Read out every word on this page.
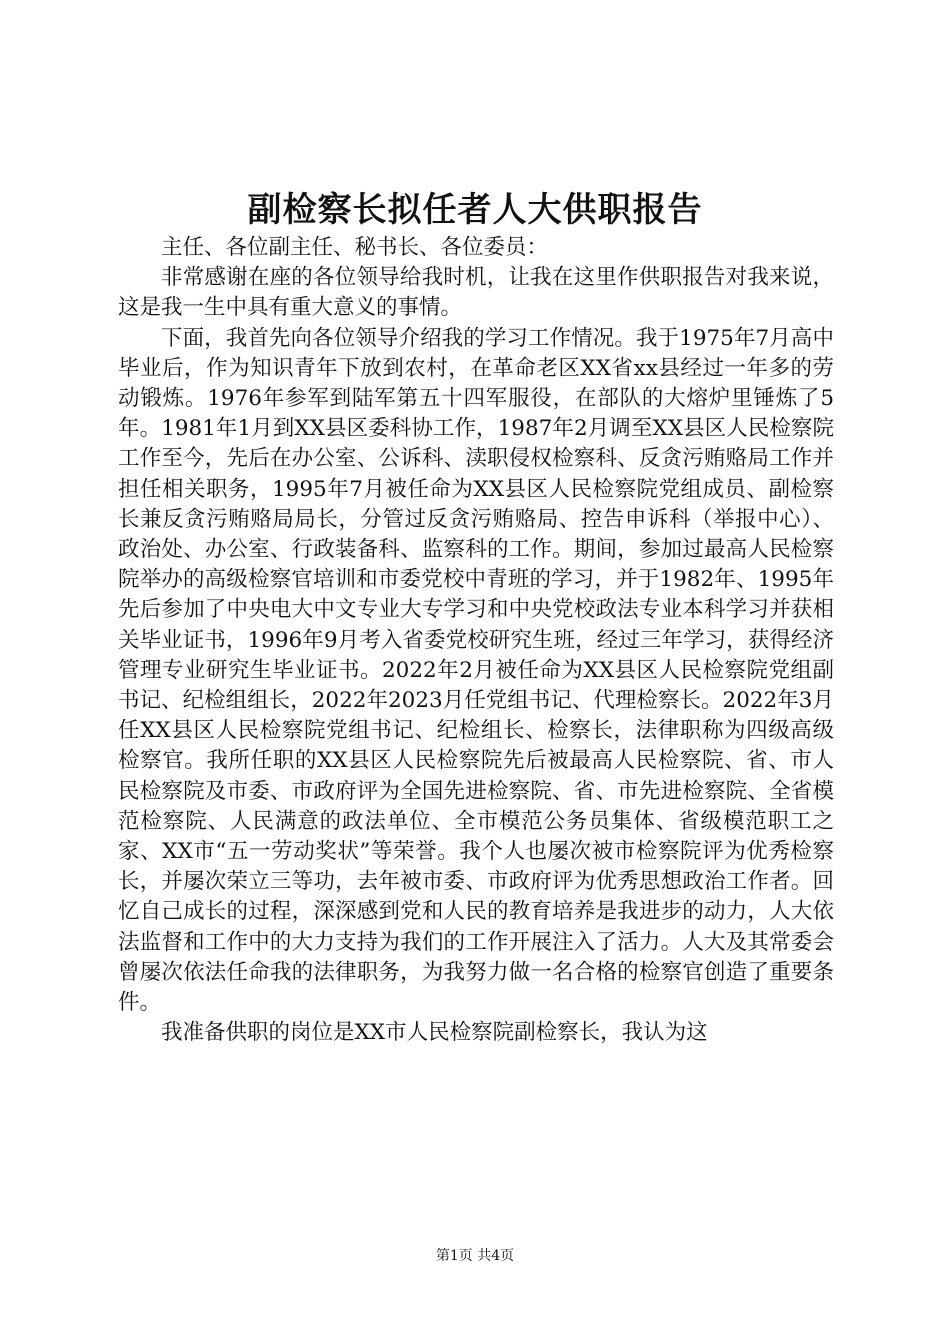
副检察长拟任者人大供职报告

主任、各位副主任、秘书长、各位委员：

非常感谢在座的各位领导给我时机，让我在这里作供职报告对我来说，这是我一生中具有重大意义的事情。

下面，我首先向各位领导介绍我的学习工作情况。我于1975年7月高中毕业后，作为知识青年下放到农村，在革命老区XX省xx县经过一年多的劳动锻炼。1976年参军到陆军第五十四军服役，在部队的大熔炉里锤炼了5年。1981年1月到XX县区委科协工作，1987年2月调至XX县区人民检察院工作至今，先后在办公室、公诉科、渎职侵权检察科、反贪污贿赂局工作并担任相关职务，1995年7月被任命为XX县区人民检察院党组成员、副检察长兼反贪污贿赂局局长，分管过反贪污贿赂局、控告申诉科（举报中心）、政治处、办公室、行政装备科、监察科的工作。期间，参加过最高人民检察院举办的高级检察官培训和市委党校中青班的学习，并于1982年、1995年先后参加了中央电大中文专业大专学习和中央党校政法专业本科学习并获相关毕业证书，1996年9月考入省委党校研究生班，经过三年学习，获得经济管理专业研究生毕业证书。2022年2月被任命为XX县区人民检察院党组副书记、纪检组组长，2022年2023月任党组书记、代理检察长。2022年3月任XX县区人民检察院党组书记、纪检组长、检察长，法律职称为四级高级检察官。我所任职的XX县区人民检察院先后被最高人民检察院、省、市人民检察院及市委、市政府评为全国先进检察院、省、市先进检察院、全省模范检察院、人民满意的政法单位、全市模范公务员集体、省级模范职工之家、XX市“五一劳动奖状”等荣誉。我个人也屡次被市检察院评为优秀检察长，并屡次荣立三等功，去年被市委、市政府评为优秀思想政治工作者。回忆自己成长的过程，深深感到党和人民的教育培养是我进步的动力，人大依法监督和工作中的大力支持为我们的工作开展注入了活力。人大及其常委会曾屡次依法任命我的法律职务，为我努力做一名合格的检察官创造了重要条件。

我准备供职的岗位是XX市人民检察院副检察长，我认为这

第1页 共4页
